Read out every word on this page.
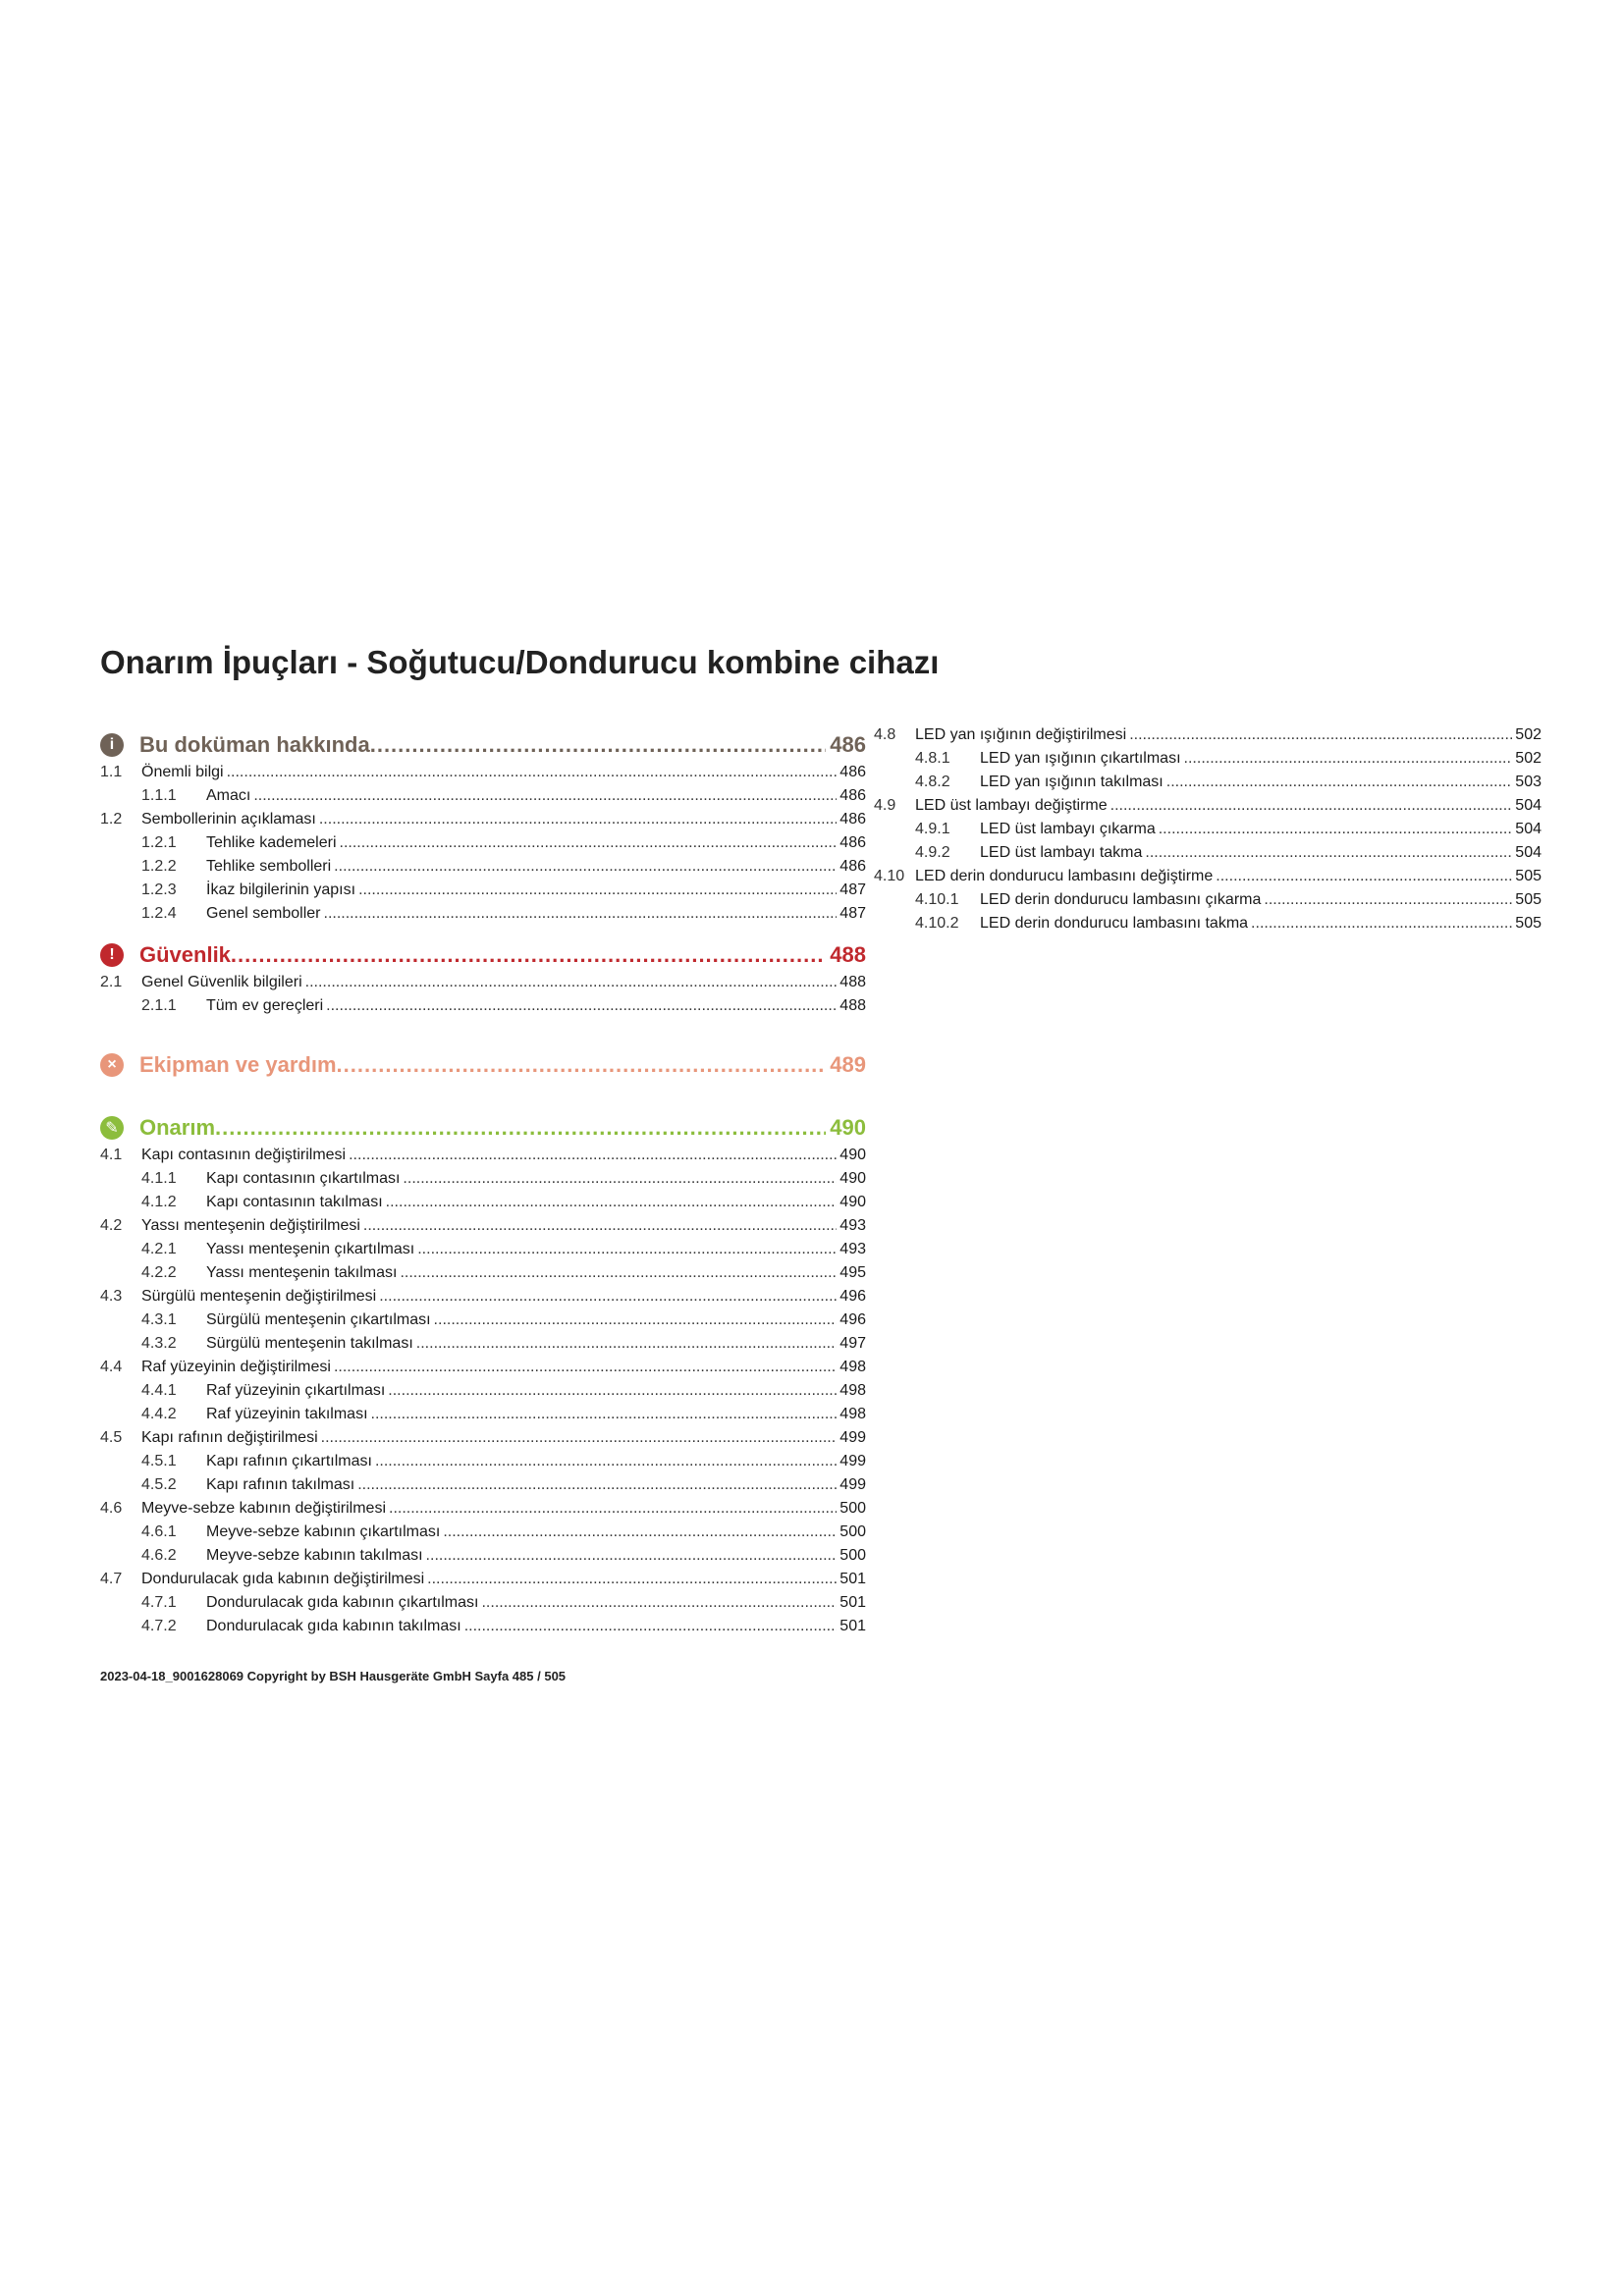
Onarım İpuçları - Soğutucu/Dondurucu kombine cihazı
i	Bu doküman hakkında .....	486
1.1	Önemli bilgi .....	486
1.1.1	Amacı .....	486
1.2	Sembollerinin açıklaması .....	486
1.2.1	Tehlike kademeleri .....	486
1.2.2	Tehlike sembolleri .....	486
1.2.3	İkaz bilgilerinin yapısı .....	487
1.2.4	Genel semboller .....	487
!	Güvenlik .....	488
2.1	Genel Güvenlik bilgileri .....	488
2.1.1	Tüm ev gereçleri .....	488
×	Ekipman ve yardım .....	489
✎ Onarım .....	490
4.1	Kapı contasının değiştirilmesi .....	490
4.1.1	Kapı contasının çıkartılması .....	490
4.1.2	Kapı contasının takılması .....	490
4.2	Yassı menteşenin değiştirilmesi .....	493
4.2.1	Yassı menteşenin çıkartılması .....	493
4.2.2	Yassı menteşenin takılması .....	495
4.3	Sürgülü menteşenin değiştirilmesi .....	496
4.3.1	Sürgülü menteşenin çıkartılması .....	496
4.3.2	Sürgülü menteşenin takılması .....	497
4.4	Raf yüzeyinin değiştirilmesi .....	498
4.4.1	Raf yüzeyinin çıkartılması .....	498
4.4.2	Raf yüzeyinin takılması .....	498
4.5	Kapı rafının değiştirilmesi .....	499
4.5.1	Kapı rafının çıkartılması .....	499
4.5.2	Kapı rafının takılması .....	499
4.6	Meyve-sebze kabının değiştirilmesi .....	500
4.6.1	Meyve-sebze kabının çıkartılması .....	500
4.6.2	Meyve-sebze kabının takılması .....	500
4.7	Dondurulacak gıda kabının değiştirilmesi .....	501
4.7.1	Dondurulacak gıda kabının çıkartılması .....	501
4.7.2	Dondurulacak gıda kabının takılması .....	501
4.8	LED yan ışığının değiştirilmesi .....	502
4.8.1	LED yan ışığının çıkartılması .....	502
4.8.2	LED yan ışığının takılması .....	503
4.9	LED üst lambayı değiştirme .....	504
4.9.1	LED üst lambayı çıkarma .....	504
4.9.2	LED üst lambayı takma .....	504
4.10 LED derin dondurucu lambasını değiştirme .....	505
4.10.1	LED derin dondurucu lambasını çıkarma .....	505
4.10.2	LED derin dondurucu lambasını takma .....	505
2023-04-18_9001628069 Copyright by BSH Hausgeräte GmbH Sayfa 485 / 505
